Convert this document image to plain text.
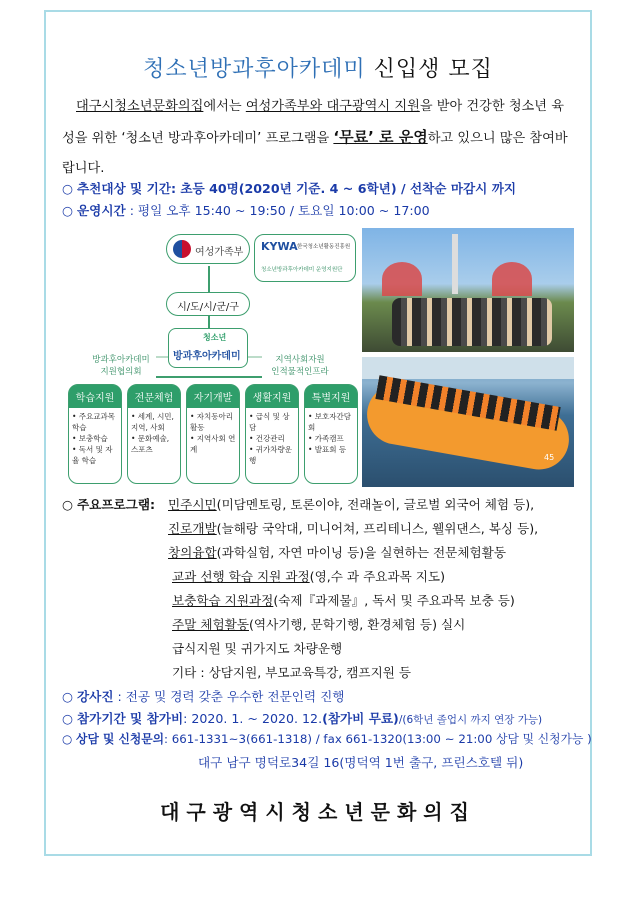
청소년방과후아카데미 신입생 모집
대구시청소년문화의집에서는 여성가족부와 대구광역시 지원을 받아 건강한 청소년 육성을 위한 ‘청소년 방과후아카데미’ 프로그램을 ‘무료’ 로 운영하고 있으니 많은 참여바랍니다.
○ 추천대상 및 기간: 초등 40명(2020년 기준. 4 ~ 6학년) / 선착순 마감시 까지
○ 운영시간 : 평일 오후 15:40 ~ 19:50 / 토요일 10:00 ~ 17:00
여성가족부 KYWA 한국청소년활동진흥원
청소년방과후아카데미 운영지원단
시/도/시/군/구
청소년
방과후아카데미
방과후아카데미
지원협의회
지역사회자원
인적물적인프라
학습지원
• 주요교과목 학습
• 보충학습
• 독서 및 자율 학습
전문체험
• 세계, 시민, 지역, 사회
• 문화예술, 스포츠
자기개발
• 자치동아리 활동
• 지역사회 연계
생활지원
• 급식 및 상담
• 건강관리
• 귀가차량운행
특별지원
• 보호자간담회
• 가족캠프
• 발표회 등
45
○ 주요프로그램: 민주시민(미담멘토링, 토론이야, 전래놀이, 글로벌 외국어 체험 등),
진로개발(늘해랑 국악대, 미니어쳐, 프리테니스, 웰위댄스, 복싱 등),
창의융합(과학실험, 자연 마이닝 등)을 실현하는 전문체험활동
교과 선행 학습 지원 과정(영,수 과 주요과목 지도)
보충학습 지원과정(숙제『과제물』, 독서 및 주요과목 보충 등)
주말 체험활동(역사기행, 문학기행, 환경체험 등) 실시
급식지원 및 귀가지도 차량운행
기타 : 상담지원, 부모교육특강, 캠프지원 등
○ 강사진 : 전공 및 경력 갖춘 우수한 전문인력 진행
○ 참가기간 및 참가비: 2020. 1. ~ 2020. 12.(참가비 무료)/(6학년 졸업시 까지 연장 가능)
○ 상담 및 신청문의: 661-1331~3(661-1318) / fax 661-1320(13:00 ~ 21:00 상담 및 신청가능 )
대구 남구 명덕로34길 16(명덕역 1번 출구, 프린스호텔 뒤)
대구광역시청소년문화의집
